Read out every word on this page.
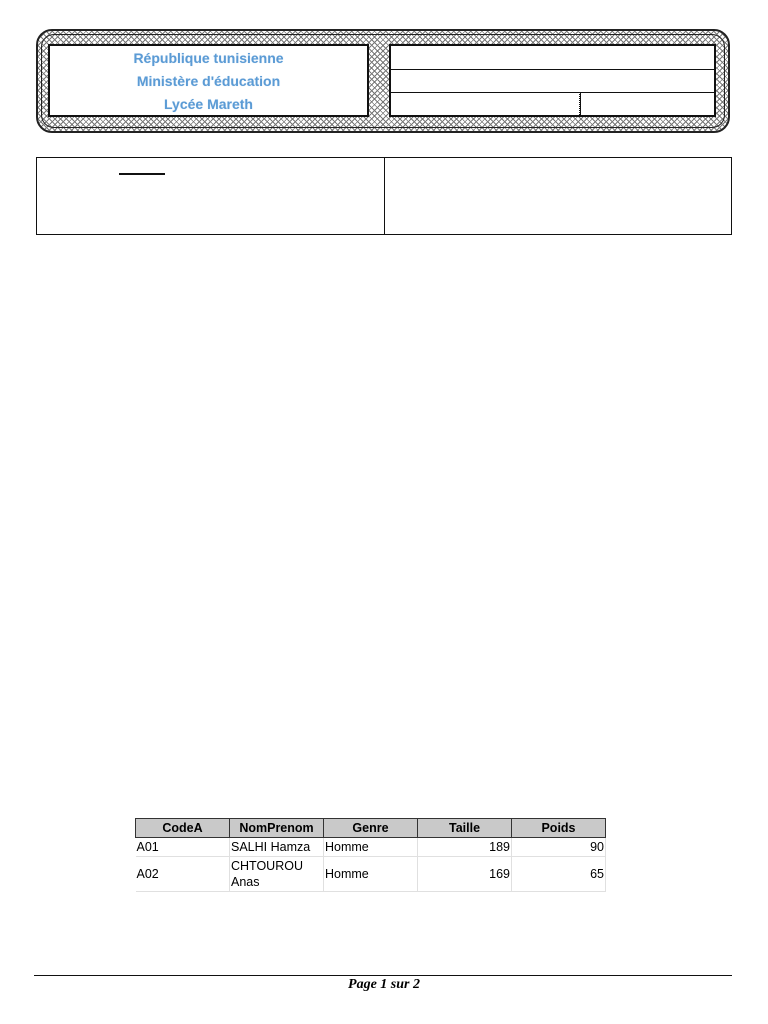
République tunisienne
Ministère d'éducation
Lycée Mareth
CodeA	NomPrenom	Genre	Taille	Poids
A01	SALHI Hamza	Homme	189	90
A02	CHTOUROU Anas	Homme	169	65
Page 1 sur 2
